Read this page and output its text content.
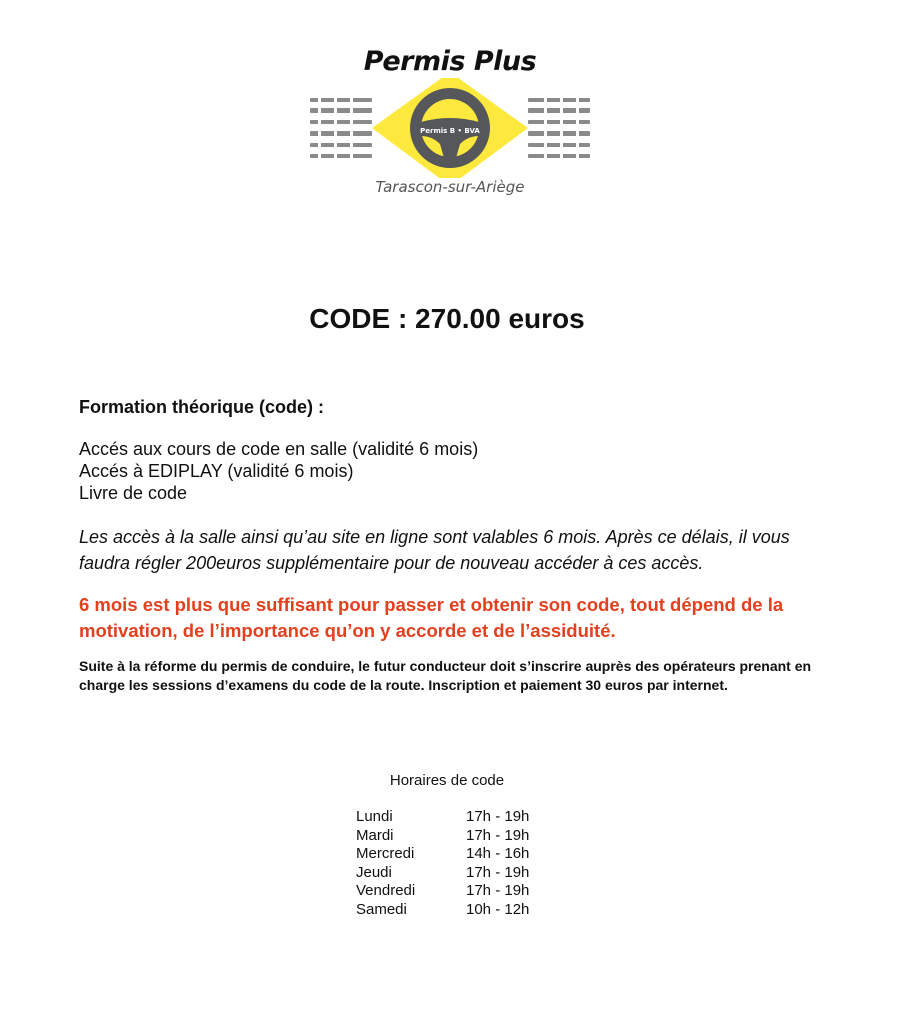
Permis Plus
Permis B • BVA
Tarascon-sur-Ariège
CODE : 270.00 euros
Formation théorique (code) :
Accés aux cours de code en salle (validité 6 mois)
Accés à EDIPLAY (validité 6 mois)
Livre de code
Les accès à la salle ainsi qu’au site en ligne sont valables 6 mois. Après ce délais, il vous faudra régler 200euros supplémentaire pour de nouveau accéder à ces accès.
6 mois est plus que suffisant pour passer et obtenir son code, tout dépend de la motivation, de l’importance qu’on y accorde et de l’assiduité.
Suite à la réforme du permis de conduire, le futur conducteur doit s’inscrire auprès des opérateurs prenant en charge les sessions d’examens du code de la route. Inscription et paiement 30 euros par internet.
Horaires de code
Lundi	17h - 19h
Mardi	17h - 19h
Mercredi	14h - 16h
Jeudi	17h - 19h
Vendredi	17h - 19h
Samedi	10h - 12h
